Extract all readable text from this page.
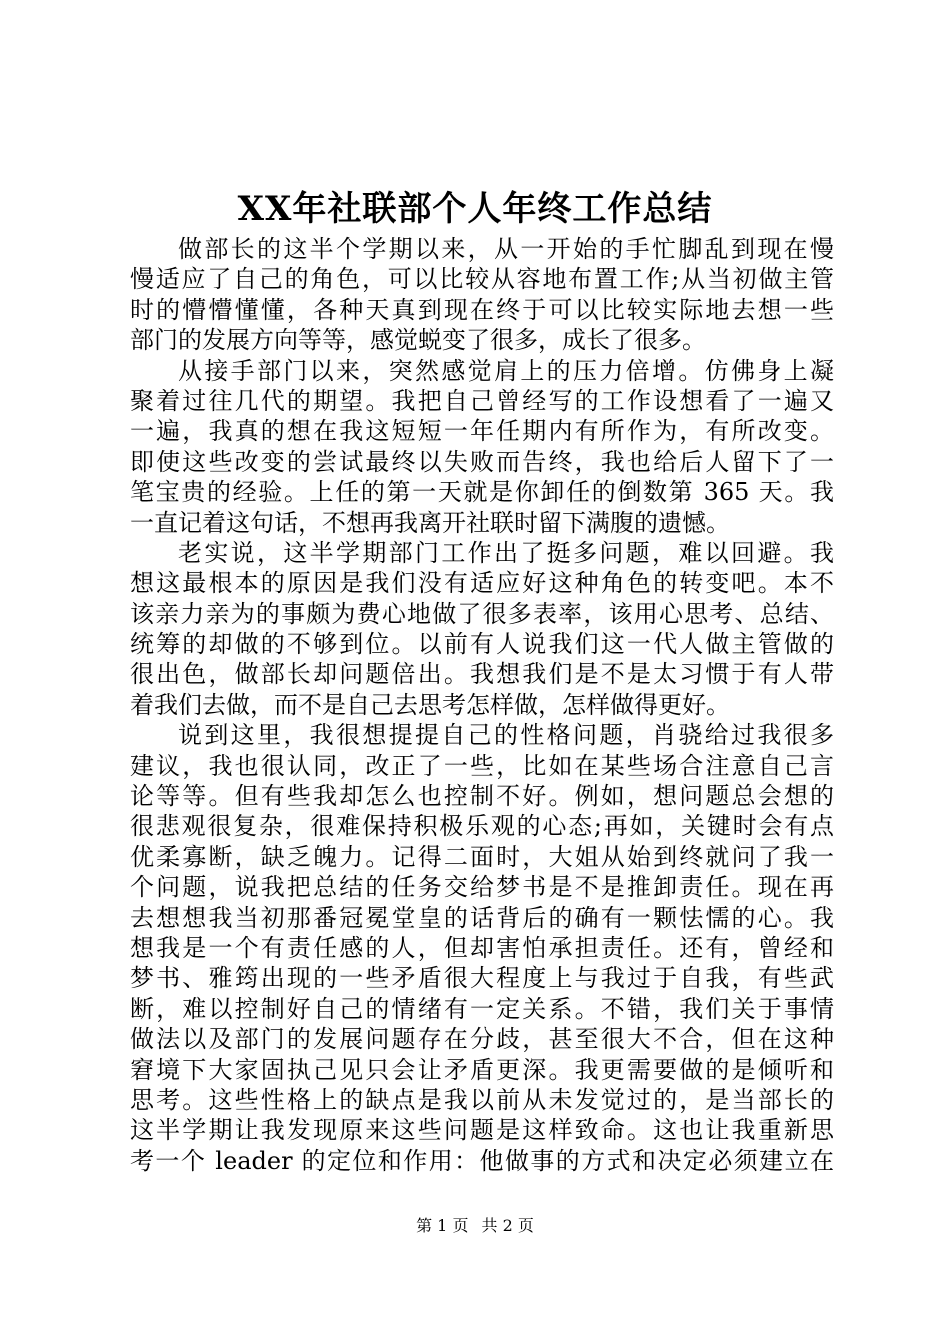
XX年社联部个人年终工作总结
做部长的这半个学期以来，从一开始的手忙脚乱到现在慢
慢适应了自己的角色，可以比较从容地布置工作;从当初做主管
时的懵懵懂懂，各种天真到现在终于可以比较实际地去想一些
部门的发展方向等等，感觉蜕变了很多，成长了很多。
从接手部门以来，突然感觉肩上的压力倍增。仿佛身上凝
聚着过往几代的期望。我把自己曾经写的工作设想看了一遍又
一遍，我真的想在我这短短一年任期内有所作为，有所改变。
即使这些改变的尝试最终以失败而告终，我也给后人留下了一
笔宝贵的经验。上任的第一天就是你卸任的倒数第 365 天。我
一直记着这句话，不想再我离开社联时留下满腹的遗憾。
老实说，这半学期部门工作出了挺多问题，难以回避。我
想这最根本的原因是我们没有适应好这种角色的转变吧。本不
该亲力亲为的事颇为费心地做了很多表率，该用心思考、总结、
统筹的却做的不够到位。以前有人说我们这一代人做主管做的
很出色，做部长却问题倍出。我想我们是不是太习惯于有人带
着我们去做，而不是自己去思考怎样做，怎样做得更好。
说到这里，我很想提提自己的性格问题，肖骁给过我很多
建议，我也很认同，改正了一些，比如在某些场合注意自己言
论等等。但有些我却怎么也控制不好。例如，想问题总会想的
很悲观很复杂，很难保持积极乐观的心态;再如，关键时会有点
优柔寡断，缺乏魄力。记得二面时，大姐从始到终就问了我一
个问题，说我把总结的任务交给梦书是不是推卸责任。现在再
去想想我当初那番冠冕堂皇的话背后的确有一颗怯懦的心。我
想我是一个有责任感的人，但却害怕承担责任。还有，曾经和
梦书、雅筠出现的一些矛盾很大程度上与我过于自我，有些武
断，难以控制好自己的情绪有一定关系。不错，我们关于事情
做法以及部门的发展问题存在分歧，甚至很大不合，但在这种
窘境下大家固执己见只会让矛盾更深。我更需要做的是倾听和
思考。这些性格上的缺点是我以前从未发觉过的，是当部长的
这半学期让我发现原来这些问题是这样致命。这也让我重新思
考一个 leader 的定位和作用：他做事的方式和决定必须建立在
第 1 页 共 2 页
